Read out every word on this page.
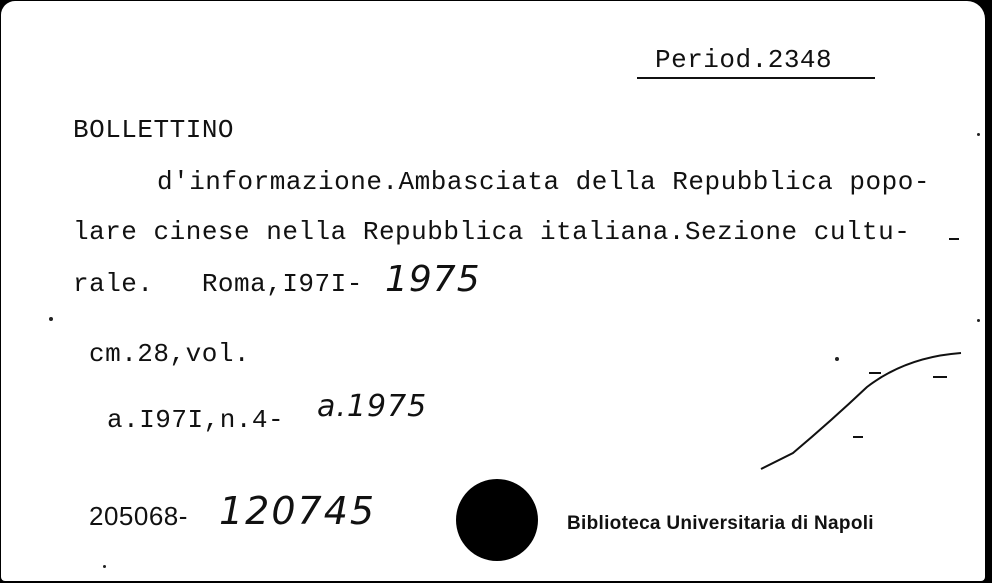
Period.2348
BOLLETTINO
d'informazione.Ambasciata della Repubblica popo-
lare cinese nella Repubblica italiana.Sezione cultu-
rale.   Roma,I97I- 1975
cm.28,vol.
a.I97I,n.4- a.1975
205068- 120745	Biblioteca Universitaria di Napoli
